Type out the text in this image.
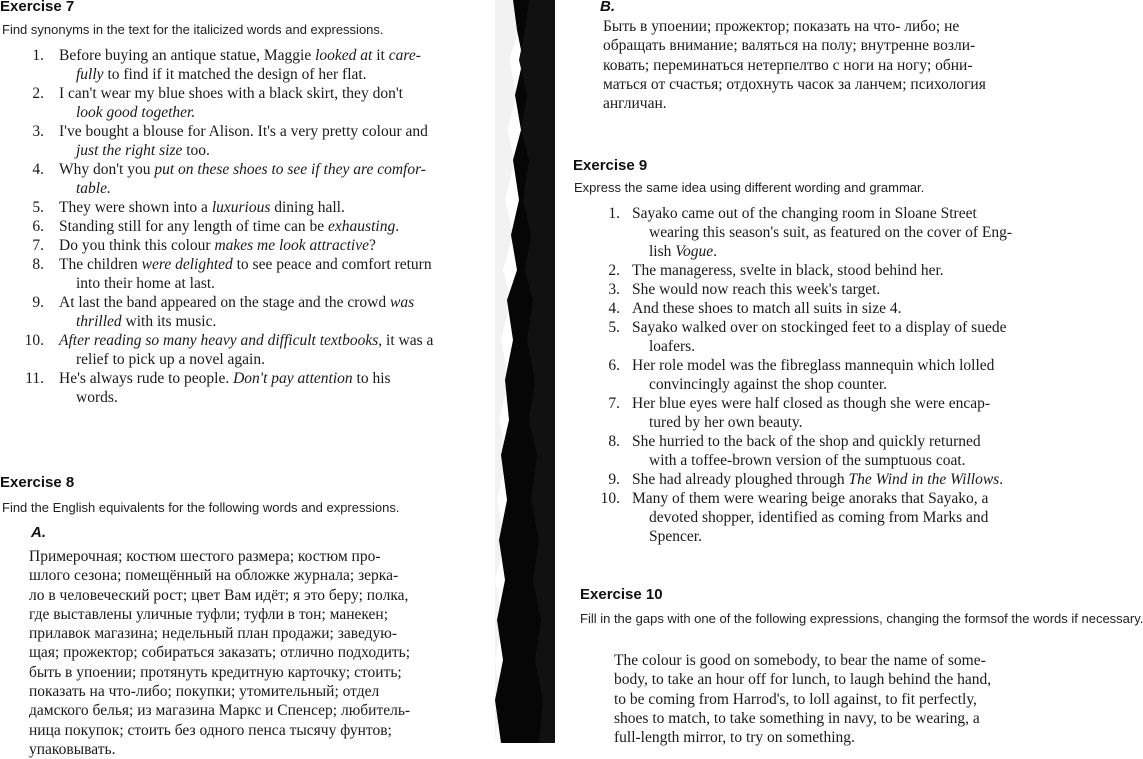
Exercise 7
Find synonyms in the text for the italicized words and expressions.
1. Before buying an antique statue, Maggie looked at it care-
fully to find if it matched the design of her flat.
2. I can't wear my blue shoes with a black skirt, they don't
look good together.
3. I've bought a blouse for Alison. It's a very pretty colour and
just the right size too.
4. Why don't you put on these shoes to see if they are comfor-
table.
5. They were shown into a luxurious dining hall.
6. Standing still for any length of time can be exhausting.
7. Do you think this colour makes me look attractive?
8. The children were delighted to see peace and comfort return
into their home at last.
9. At last the band appeared on the stage and the crowd was
thrilled with its music.
10. After reading so many heavy and difficult textbooks, it was a
relief to pick up a novel again.
11. He's always rude to people. Don't pay attention to his
words.
Exercise 8
Find the English equivalents for the following words and expressions.
A.
Примерочная; костюм шестого размера; костюм про-
шлого сезона; помещённый на обложке журнала; зерка-
ло в человеческий рост; цвет Вам идёт; я это беру; полка,
где выставлены уличные туфли; туфли в тон; манекен;
прилавок магазина; недельный план продажи; заведую-
щая; прожектор; собираться заказать; отлично подходить;
быть в упоении; протянуть кредитную карточку; стоить;
показать на что-либо; покупки; утомительный; отдел
дамского белья; из магазина Маркс и Спенсер; любитель-
ница покупок; стоить без одного пенса тысячу фунтов;
упаковывать.
B.
Быть в упоении; прожектор; показать на что- либо; не
обращать внимание; валяться на полу; внутренне возли-
ковать; переминаться нетерпелтво с ноги на ногу; обни-
маться от счастья; отдохнуть часок за ланчем; психология
англичан.
Exercise 9
Express the same idea using different wording and grammar.
1. Sayako came out of the changing room in Sloane Street
wearing this season's suit, as featured on the cover of Eng-
lish Vogue.
2. The manageress, svelte in black, stood behind her.
3. She would now reach this week's target.
4. And these shoes to match all suits in size 4.
5. Sayako walked over on stockinged feet to a display of suede
loafers.
6. Her role model was the fibreglass mannequin which lolled
convincingly against the shop counter.
7. Her blue eyes were half closed as though she were encap-
tured by her own beauty.
8. She hurried to the back of the shop and quickly returned
with a toffee-brown version of the sumptuous coat.
9. She had already ploughed through The Wind in the Willows.
10. Many of them were wearing beige anoraks that Sayako, a
devoted shopper, identified as coming from Marks and
Spencer.
Exercise 10
Fill in the gaps with one of the following expressions, changing the formsof the words if necessary.
The colour is good on somebody, to bear the name of some-
body, to take an hour off for lunch, to laugh behind the hand,
to be coming from Harrod's, to loll against, to fit perfectly,
shoes to match, to take something in navy, to be wearing, a
full-length mirror, to try on something.
